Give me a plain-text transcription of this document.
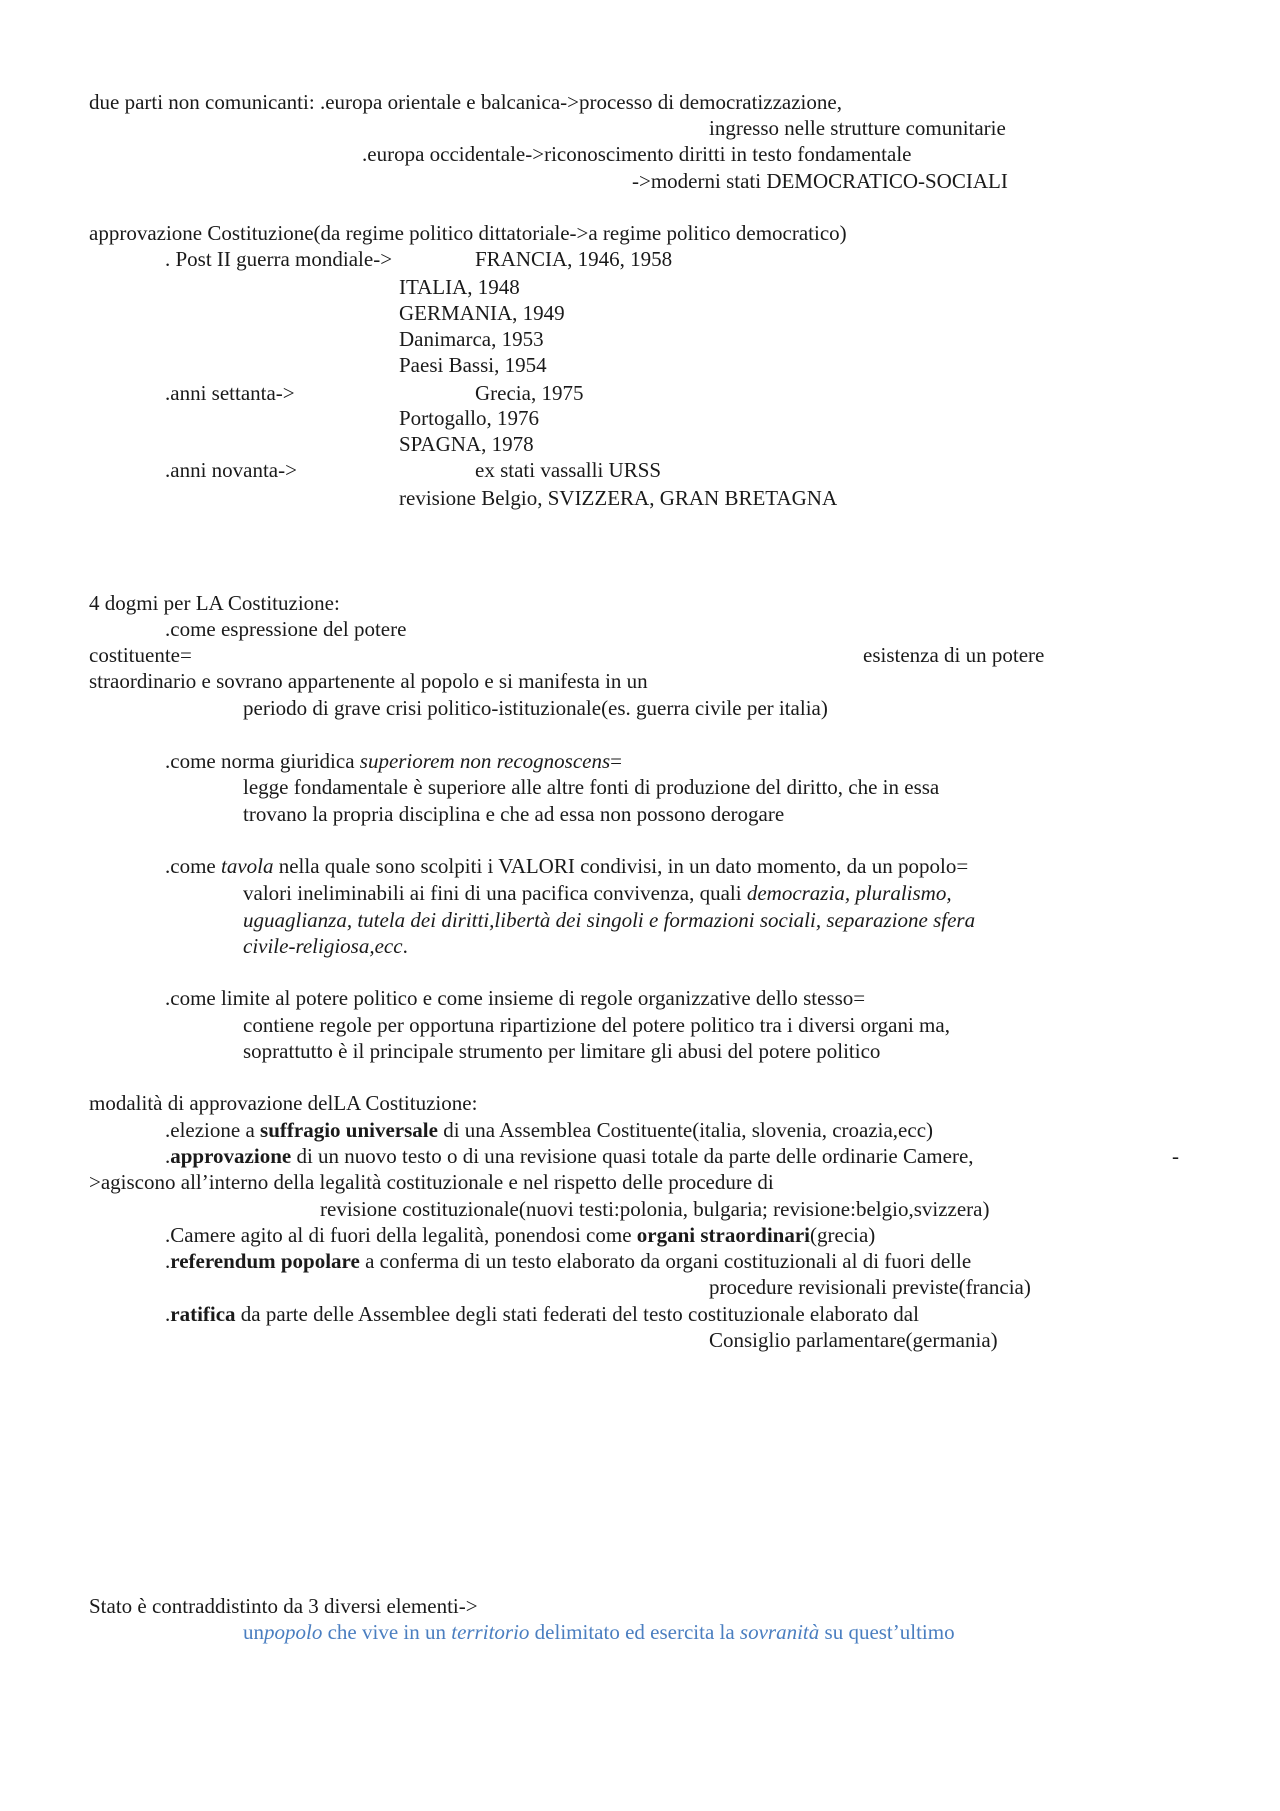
due parti non comunicanti: .europa orientale e balcanica->processo di democratizzazione,
ingresso nelle strutture comunitarie
.europa occidentale->riconoscimento diritti in testo fondamentale
->moderni stati DEMOCRATICO-SOCIALI
approvazione Costituzione(da regime politico dittatoriale->a regime politico democratico)
. Post II guerra mondiale->	FRANCIA, 1946, 1958
ITALIA, 1948
GERMANIA, 1949
Danimarca, 1953
Paesi Bassi, 1954
.anni settanta->	Grecia, 1975
Portogallo, 1976
SPAGNA, 1978
.anni novanta->	ex stati vassalli URSS
revisione Belgio, SVIZZERA, GRAN BRETAGNA
4 dogmi per LA Costituzione:
.come espressione del potere
costituente=	esistenza di un potere
straordinario e sovrano appartenente al popolo e si manifesta in un
periodo di grave crisi politico-istituzionale(es. guerra civile per italia)
.come norma giuridica superiorem non recognoscens=
legge fondamentale è superiore alle altre fonti di produzione del diritto, che in essa
trovano la propria disciplina e che ad essa non possono derogare
.come tavola nella quale sono scolpiti i VALORI condivisi, in un dato momento, da un popolo=
valori ineliminabili ai fini di una pacifica convivenza, quali democrazia, pluralismo,
uguaglianza, tutela dei diritti,libertà dei singoli e formazioni sociali, separazione sfera
civile-religiosa,ecc.
.come limite al potere politico e come insieme di regole organizzative dello stesso=
contiene regole per opportuna ripartizione del potere politico tra i diversi organi ma,
soprattutto è il principale strumento per limitare gli abusi del potere politico
modalità di approvazione delLA Costituzione:
.elezione a suffragio universale di una Assemblea Costituente(italia, slovenia, croazia,ecc)
.approvazione di un nuovo testo o di una revisione quasi totale da parte delle ordinarie Camere,	-
>agiscono all’interno della legalità costituzionale e nel rispetto delle procedure di
revisione costituzionale(nuovi testi:polonia, bulgaria; revisione:belgio,svizzera)
.Camere agito al di fuori della legalità, ponendosi come organi straordinari(grecia)
.referendum popolare a conferma di un testo elaborato da organi costituzionali al di fuori delle
procedure revisionali previste(francia)
.ratifica da parte delle Assemblee degli stati federati del testo costituzionale elaborato dal
Consiglio parlamentare(germania)
Stato è contraddistinto da 3 diversi elementi->
unpopolo che vive in un territorio delimitato ed esercita la sovranità su quest’ultimo
